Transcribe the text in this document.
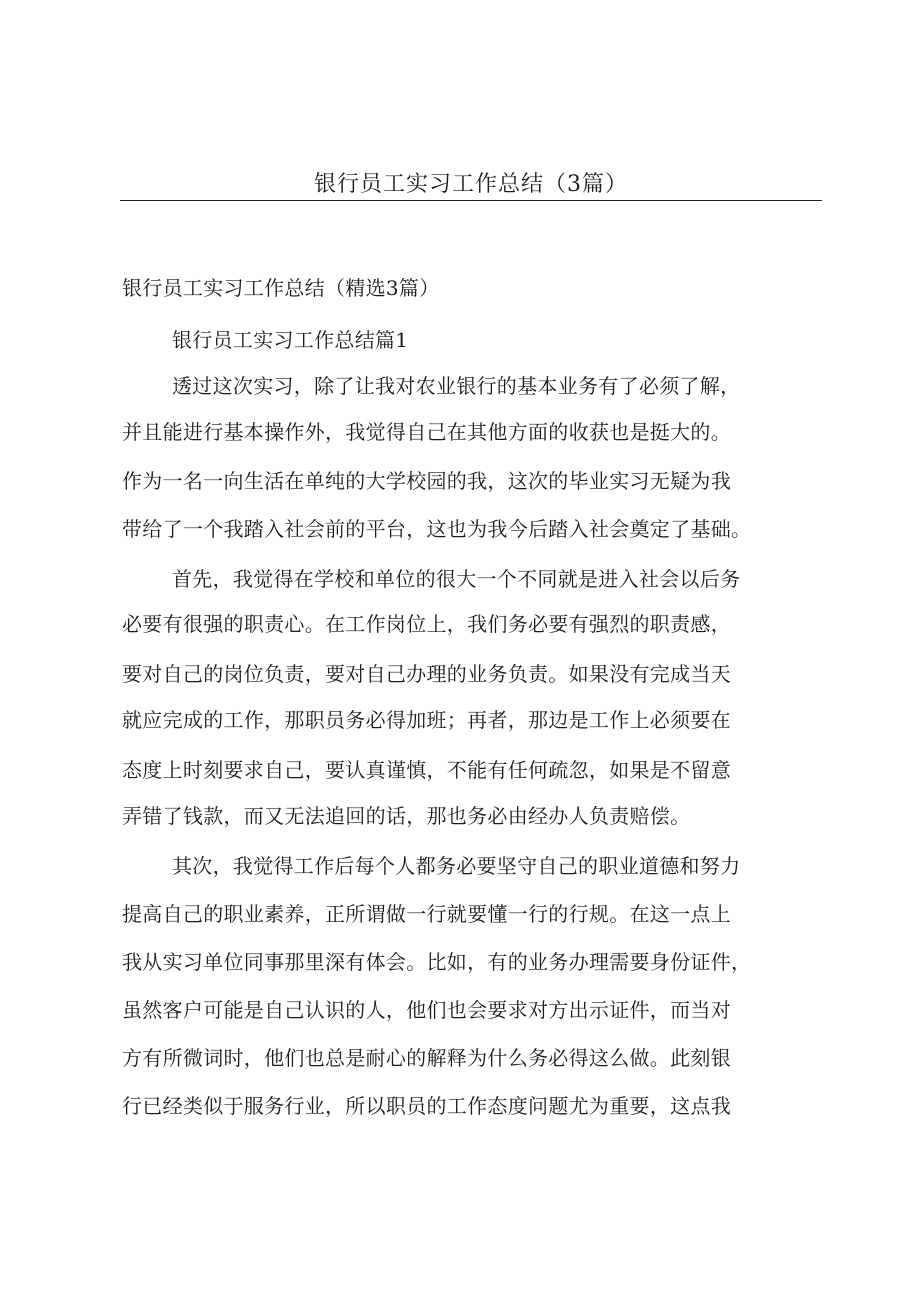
银行员工实习工作总结（3篇）
银行员工实习工作总结（精选3篇）
银行员工实习工作总结篇1
透过这次实习，除了让我对农业银行的基本业务有了必须了解，
并且能进行基本操作外，我觉得自己在其他方面的收获也是挺大的。
作为一名一向生活在单纯的大学校园的我，这次的毕业实习无疑为我
带给了一个我踏入社会前的平台，这也为我今后踏入社会奠定了基础。
首先，我觉得在学校和单位的很大一个不同就是进入社会以后务
必要有很强的职责心。在工作岗位上，我们务必要有强烈的职责感，
要对自己的岗位负责，要对自己办理的业务负责。如果没有完成当天
就应完成的工作，那职员务必得加班；再者，那边是工作上必须要在
态度上时刻要求自己，要认真谨慎，不能有任何疏忽，如果是不留意
弄错了钱款，而又无法追回的话，那也务必由经办人负责赔偿。
其次，我觉得工作后每个人都务必要坚守自己的职业道德和努力
提高自己的职业素养，正所谓做一行就要懂一行的行规。在这一点上
我从实习单位同事那里深有体会。比如，有的业务办理需要身份证件，
虽然客户可能是自己认识的人，他们也会要求对方出示证件，而当对
方有所微词时，他们也总是耐心的解释为什么务必得这么做。此刻银
行已经类似于服务行业，所以职员的工作态度问题尤为重要，这点我
